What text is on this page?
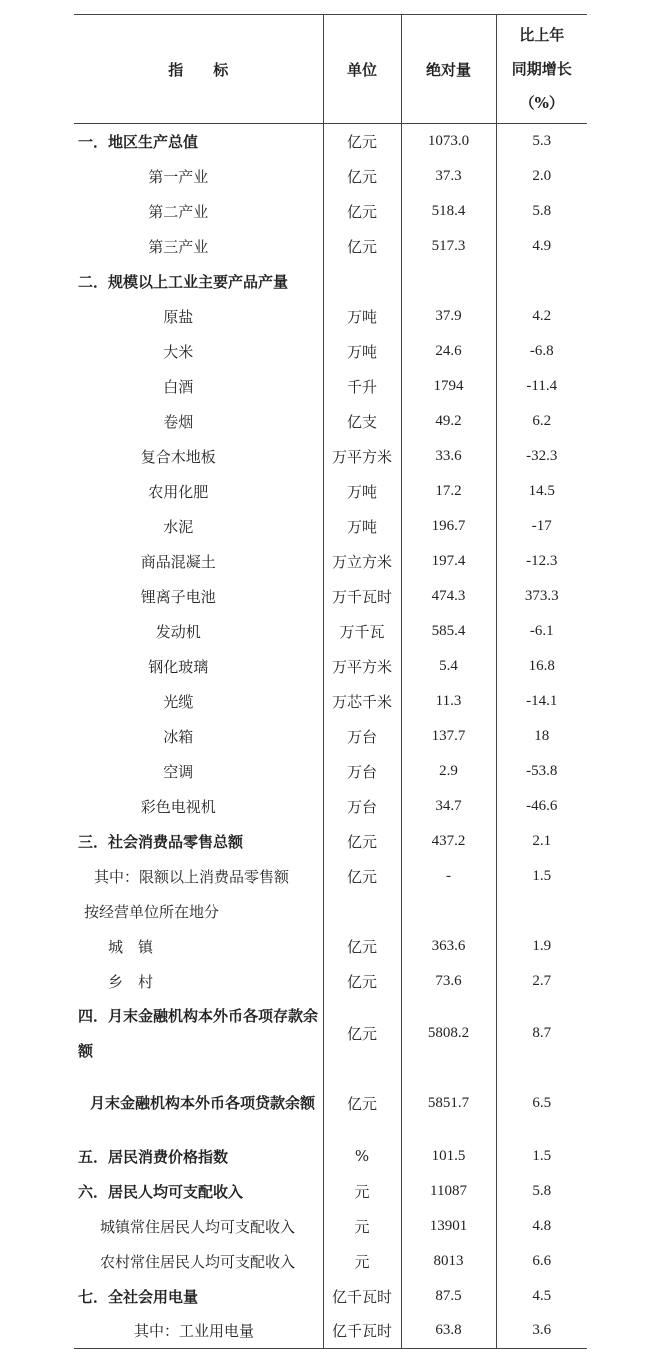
指　　标	单位	绝对量	比上年
同期增长
（%）

一．地区生产总值	亿元	1073.0	5.3
第一产业	亿元	37.3	2.0
第二产业	亿元	518.4	5.8
第三产业	亿元	517.3	4.9
二．规模以上工业主要产品产量			
原盐	万吨	37.9	4.2
大米	万吨	24.6	-6.8
白酒	千升	1794	-11.4
卷烟	亿支	49.2	6.2
复合木地板	万平方米	33.6	-32.3
农用化肥	万吨	17.2	14.5
水泥	万吨	196.7	-17
商品混凝土	万立方米	197.4	-12.3
锂离子电池	万千瓦时	474.3	373.3
发动机	万千瓦	585.4	-6.1
钢化玻璃	万平方米	5.4	16.8
光缆	万芯千米	11.3	-14.1
冰箱	万台	137.7	18
空调	万台	2.9	-53.8
彩色电视机	万台	34.7	-46.6
三．社会消费品零售总额	亿元	437.2	2.1
其中：限额以上消费品零售额	亿元	-	1.5
按经营单位所在地分			
城　镇	亿元	363.6	1.9
乡　村	亿元	73.6	2.7
四．月末金融机构本外币各项存款余额	亿元	5808.2	8.7
月末金融机构本外币各项贷款余额	亿元	5851.7	6.5
五．居民消费价格指数	%	101.5	1.5
六．居民人均可支配收入	元	11087	5.8
城镇常住居民人均可支配收入	元	13901	4.8
农村常住居民人均可支配收入	元	8013	6.6
七．全社会用电量	亿千瓦时	87.5	4.5
其中：工业用电量	亿千瓦时	63.8	3.6
